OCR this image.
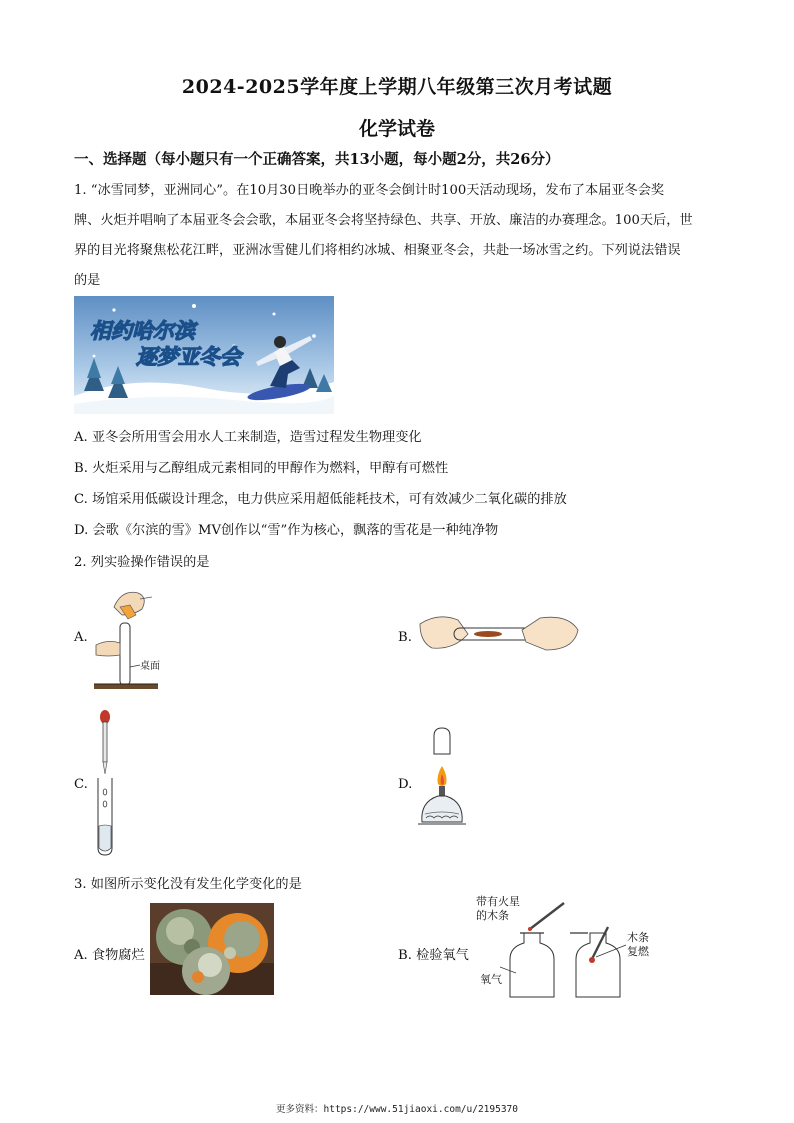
2024-2025学年度上学期八年级第三次月考试题
化学试卷
一、选择题（每小题只有一个正确答案，共13小题，每小题2分，共26分）
1. “冰雪同梦，亚洲同心”。在10月30日晚举办的亚冬会倒计时100天活动现场，发布了本届亚冬会奖
牌、火炬并唱响了本届亚冬会会歌，本届亚冬会将坚持绿色、共享、开放、廉洁的办赛理念。100天后，世
界的目光将聚焦松花江畔，亚洲冰雪健儿们将相约冰城、相聚亚冬会，共赴一场冰雪之约。下列说法错误
的是
相约哈尔滨
逐梦亚冬会
A. 亚冬会所用雪会用水人工来制造，造雪过程发生物理变化
B. 火炬采用与乙醇组成元素相同的甲醇作为燃料，甲醇有可燃性
C. 场馆采用低碳设计理念，电力供应采用超低能耗技术，可有效减少二氧化碳的排放
D. 会歌《尔滨的雪》MV创作以“雪”作为核心，飘落的雪花是一种纯净物
2. 列实验操作错误的是
A.
桌面
B.
C.	D.
3. 如图所示变化没有发生化学变化的是
A. 食物腐烂	B. 检验氧气
带有火星
的木条
氧气
木条
复燃
更多资料：https://www.51jiaoxi.com/u/2195370
